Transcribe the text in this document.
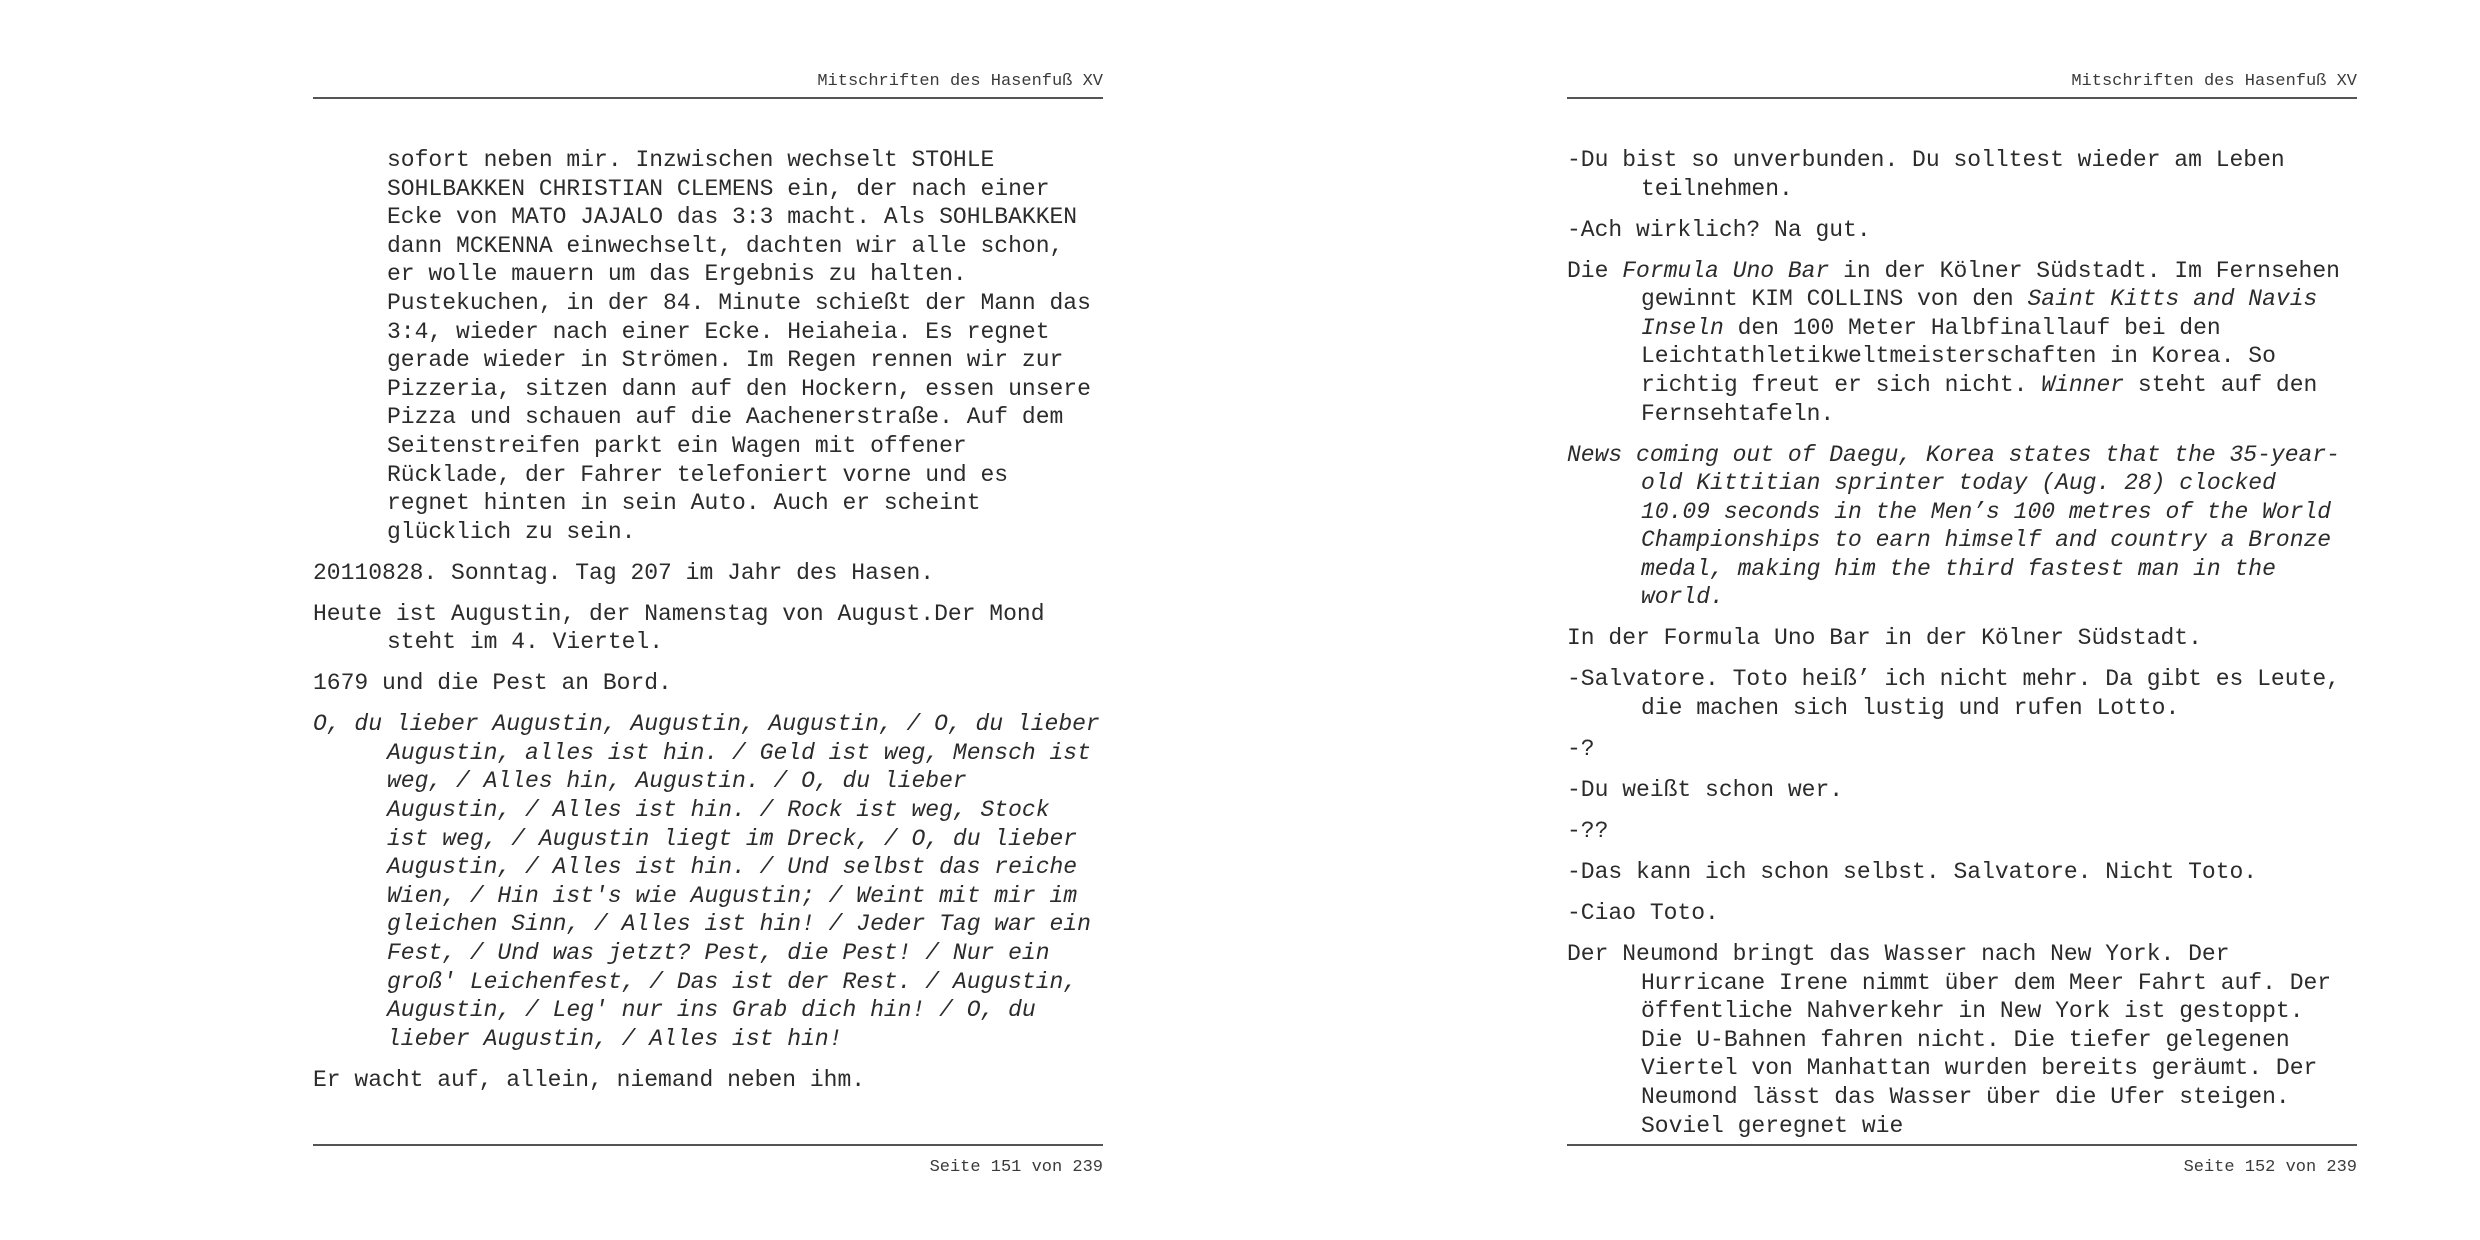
Mitschriften des Hasenfuß XV

sofort neben mir. Inzwischen wechselt STOHLE SOHLBAKKEN CHRISTIAN CLEMENS ein, der nach einer Ecke von MATO JAJALO das 3:3 macht. Als SOHLBAKKEN dann MCKENNA einwechselt, dachten wir alle schon, er wolle mauern um das Ergebnis zu halten. Pustekuchen, in der 84. Minute schießt der Mann das 3:4, wieder nach einer Ecke. Heiaheia. Es regnet gerade wieder in Strömen. Im Regen rennen wir zur Pizzeria, sitzen dann auf den Hockern, essen unsere Pizza und schauen auf die Aachenerstraße. Auf dem Seitenstreifen parkt ein Wagen mit offener Rücklade, der Fahrer telefoniert vorne und es regnet hinten in sein Auto. Auch er scheint glücklich zu sein.

20110828. Sonntag. Tag 207 im Jahr des Hasen.

Heute ist Augustin, der Namenstag von August.Der Mond steht im 4. Viertel.

1679 und die Pest an Bord.

O, du lieber Augustin, Augustin, Augustin, / O, du lieber Augustin, alles ist hin. / Geld ist weg, Mensch ist weg, / Alles hin, Augustin. / O, du lieber Augustin, / Alles ist hin. / Rock ist weg, Stock ist weg, / Augustin liegt im Dreck, / O, du lieber Augustin, / Alles ist hin. / Und selbst das reiche Wien, / Hin ist's wie Augustin; / Weint mit mir im gleichen Sinn, / Alles ist hin! / Jeder Tag war ein Fest, / Und was jetzt? Pest, die Pest! / Nur ein groß' Leichenfest, / Das ist der Rest. / Augustin, Augustin, / Leg' nur ins Grab dich hin! / O, du lieber Augustin, / Alles ist hin!

Er wacht auf, allein, niemand neben ihm.

Seite 151 von 239
Mitschriften des Hasenfuß XV

-Du bist so unverbunden. Du solltest wieder am Leben teilnehmen.

-Ach wirklich? Na gut.

Die Formula Uno Bar in der Kölner Südstadt. Im Fernsehen gewinnt KIM COLLINS von den Saint Kitts and Navis Inseln den 100 Meter Halbfinallauf bei den Leichtathletikweltmeisterschaften in Korea. So richtig freut er sich nicht. Winner steht auf den Fernsehtafeln.

News coming out of Daegu, Korea states that the 35-year-old Kittitian sprinter today (Aug. 28) clocked 10.09 seconds in the Men’s 100 metres of the World Championships to earn himself and country a Bronze medal, making him the third fastest man in the world.

In der Formula Uno Bar in der Kölner Südstadt.

-Salvatore. Toto heiß’ ich nicht mehr. Da gibt es Leute, die machen sich lustig und rufen Lotto.

-?

-Du weißt schon wer.

-??

-Das kann ich schon selbst. Salvatore. Nicht Toto.

-Ciao Toto.

Der Neumond bringt das Wasser nach New York. Der Hurricane Irene nimmt über dem Meer Fahrt auf. Der öffentliche Nahverkehr in New York ist gestoppt. Die U-Bahnen fahren nicht. Die tiefer gelegenen Viertel von Manhattan wurden bereits geräumt. Der Neumond lässt das Wasser über die Ufer steigen. Soviel geregnet wie

Seite 152 von 239
